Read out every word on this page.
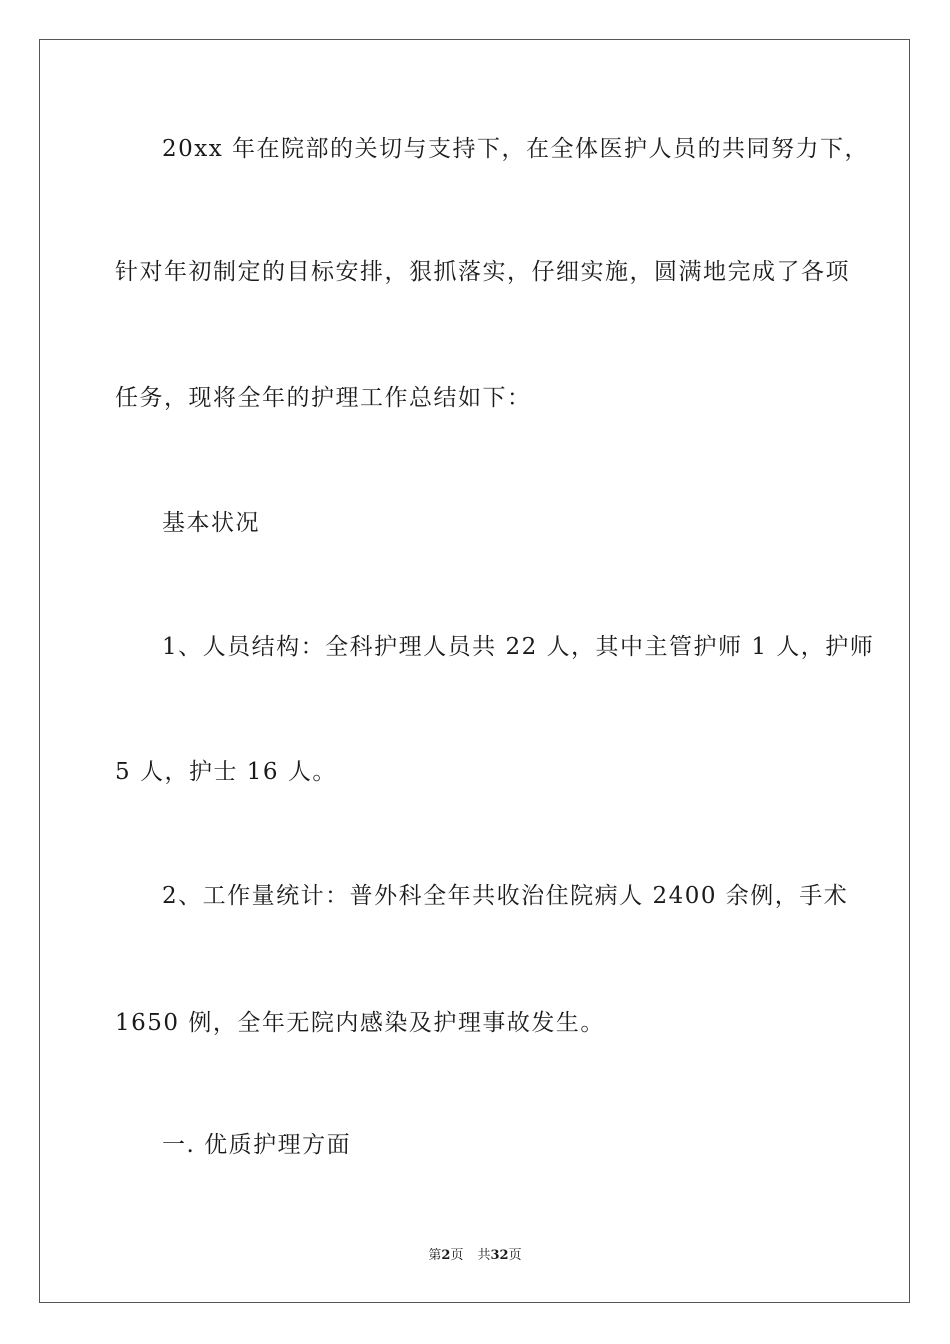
20xx 年在院部的关切与支持下，在全体医护人员的共同努力下，
针对年初制定的目标安排，狠抓落实，仔细实施，圆满地完成了各项
任务，现将全年的护理工作总结如下：
基本状况
1、人员结构：全科护理人员共 22 人，其中主管护师 1 人，护师
5 人，护士 16 人。
2、工作量统计：普外科全年共收治住院病人 2400 余例，手术
1650 例，全年无院内感染及护理事故发生。
一. 优质护理方面
第2页 共32页
